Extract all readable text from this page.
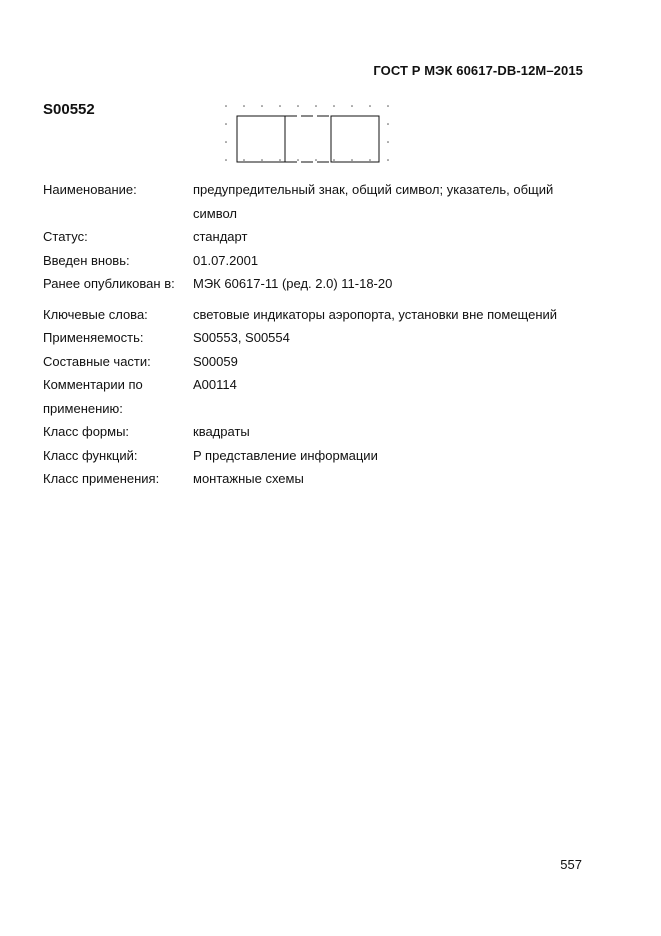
ГОСТ Р МЭК 60617-DB-12M–2015
S00552
Наименование:	предупредительный знак, общий символ; указатель, общий символ
Статус:	стандарт
Введен вновь:	01.07.2001
Ранее опубликован в:	МЭК 60617-11 (ред. 2.0) 11-18-20
Ключевые слова:	световые индикаторы аэропорта, установки вне помещений
Применяемость:	S00553, S00554
Составные части:	S00059
Комментарии по применению:
A00114
Класс формы:	квадраты
Класс функций:	P представление информации
Класс применения:	монтажные схемы
557
